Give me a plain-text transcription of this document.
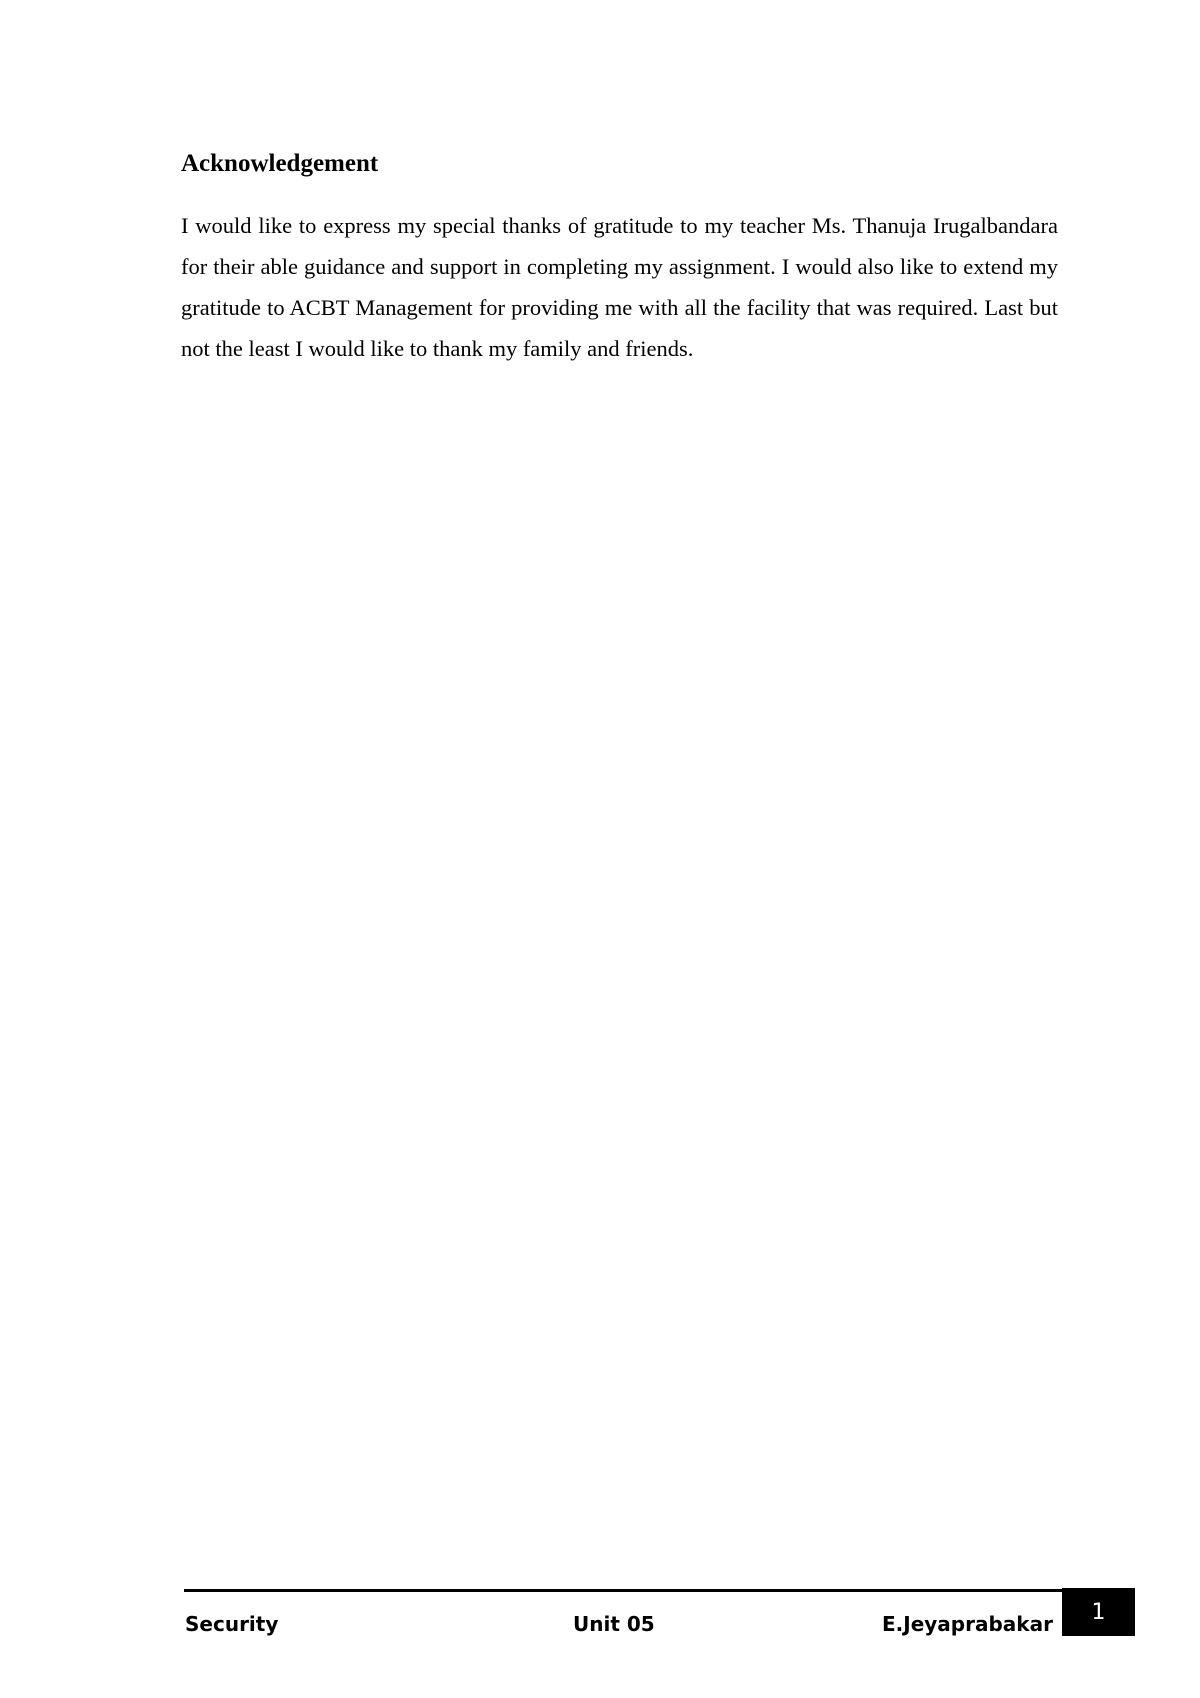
Acknowledgement

I would like to express my special thanks of gratitude to my teacher Ms. Thanuja Irugalbandara for their able guidance and support in completing my assignment. I would also like to extend my gratitude to ACBT Management for providing me with all the facility that was required. Last but not the least I would like to thank my family and friends.

Security	Unit 05	E.Jeyaprabakar 1
